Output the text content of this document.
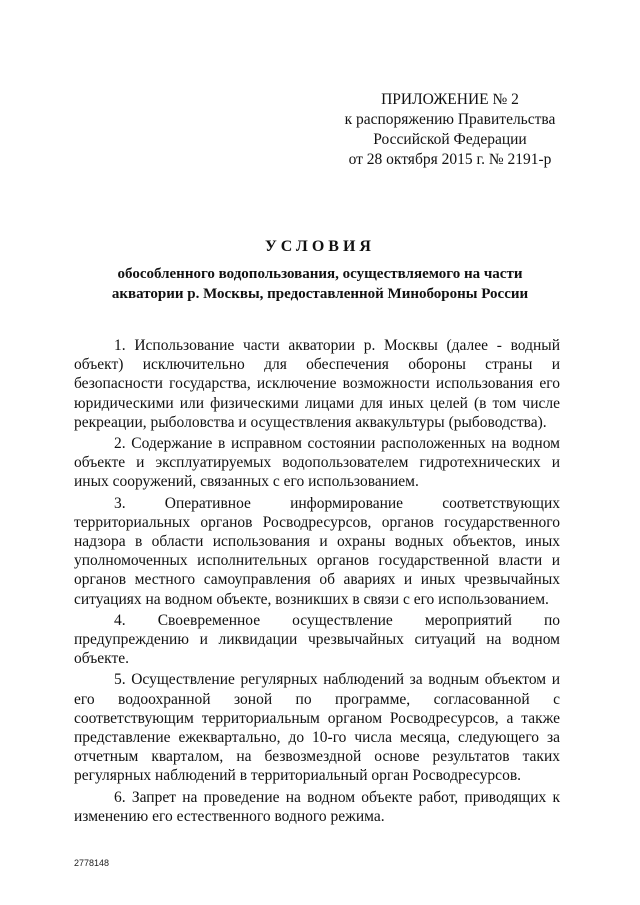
ПРИЛОЖЕНИЕ № 2
к распоряжению Правительства
Российской Федерации
от 28 октября 2015 г. № 2191-р
УСЛОВИЯ
обособленного водопользования, осуществляемого на части
акватории р. Москвы, предоставленной Минобороны России

1. Использование части акватории р. Москвы (далее - водный объект) исключительно для обеспечения обороны страны и безопасности государства, исключение возможности использования его юридическими или физическими лицами для иных целей (в том числе рекреации, рыболовства и осуществления аквакультуры (рыбоводства).

2. Содержание в исправном состоянии расположенных на водном объекте и эксплуатируемых водопользователем гидротехнических и иных сооружений, связанных с его использованием.

3. Оперативное информирование соответствующих территориальных органов Росводресурсов, органов государственного надзора в области использования и охраны водных объектов, иных уполномоченных исполнительных органов государственной власти и органов местного самоуправления об авариях и иных чрезвычайных ситуациях на водном объекте, возникших в связи с его использованием.

4. Своевременное осуществление мероприятий по предупреждению и ликвидации чрезвычайных ситуаций на водном объекте.

5. Осуществление регулярных наблюдений за водным объектом и его водоохранной зоной по программе, согласованной с соответствующим территориальным органом Росводресурсов, а также представление ежеквартально, до 10-го числа месяца, следующего за отчетным кварталом, на безвозмездной основе результатов таких регулярных наблюдений в территориальный орган Росводресурсов.

6. Запрет на проведение на водном объекте работ, приводящих к изменению его естественного водного режима.

2778148
